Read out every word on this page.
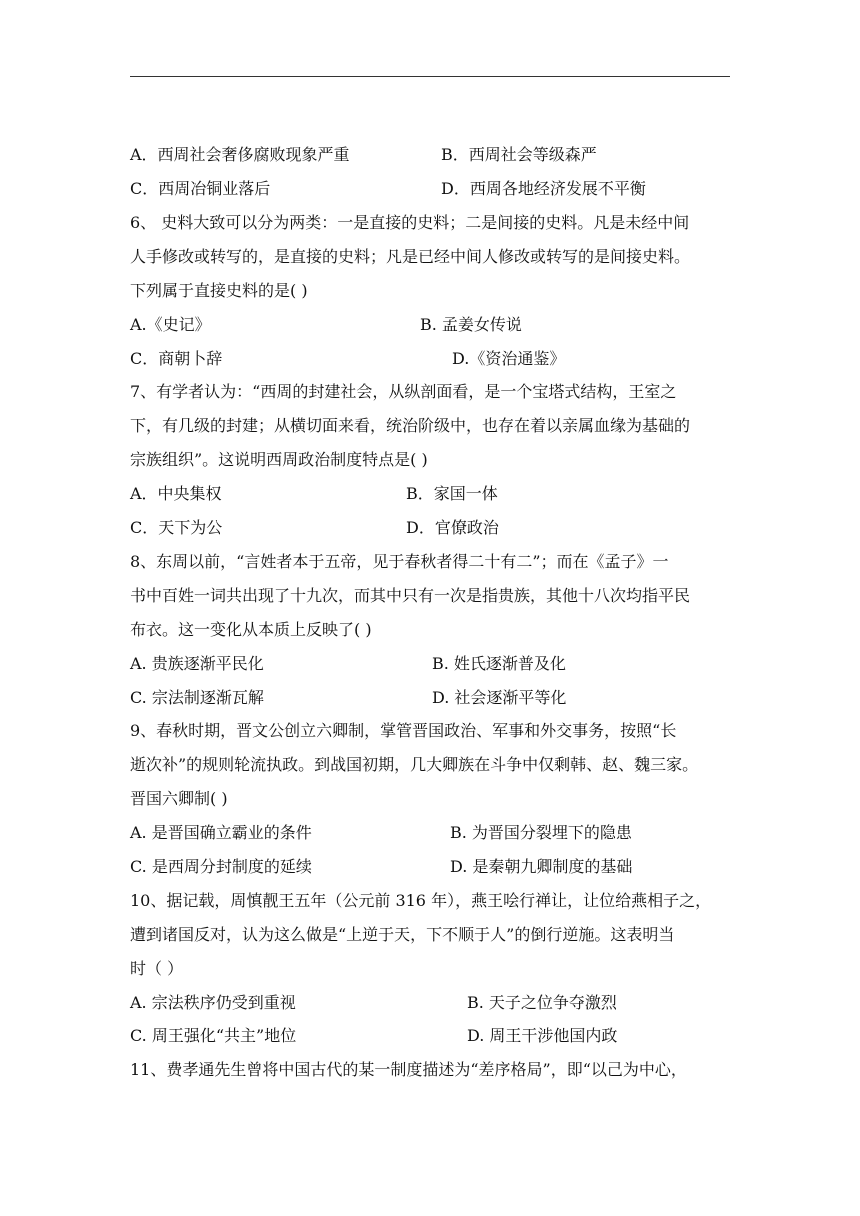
A．西周社会奢侈腐败现象严重	B．西周社会等级森严
C．西周冶铜业落后	D．西周各地经济发展不平衡
6、 史料大致可以分为两类：一是直接的史料；二是间接的史料。凡是未经中间
人手修改或转写的，是直接的史料；凡是已经中间人修改或转写的是间接史料。
下列属于直接史料的是( )
A.《史记》	B. 孟姜女传说
C．商朝卜辞	D.《资治通鉴》
7、有学者认为：“西周的封建社会，从纵剖面看，是一个宝塔式结构，王室之
下，有几级的封建；从横切面来看，统治阶级中，也存在着以亲属血缘为基础的
宗族组织”。这说明西周政治制度特点是( )
A．中央集权	B．家国一体
C．天下为公	D．官僚政治
8、东周以前，“言姓者本于五帝，见于春秋者得二十有二”；而在《孟子》一
书中百姓一词共出现了十九次，而其中只有一次是指贵族，其他十八次均指平民
布衣。这一变化从本质上反映了( )
A. 贵族逐渐平民化	B. 姓氏逐渐普及化
C. 宗法制逐渐瓦解	D. 社会逐渐平等化
9、春秋时期，晋文公创立六卿制，掌管晋国政治、军事和外交事务，按照“长
逝次补”的规则轮流执政。到战国初期，几大卿族在斗争中仅剩韩、赵、魏三家。
晋国六卿制( )
A. 是晋国确立霸业的条件	B. 为晋国分裂埋下的隐患
C. 是西周分封制度的延续	D. 是秦朝九卿制度的基础
10、据记载，周慎靓王五年（公元前 316 年），燕王哙行禅让，让位给燕相子之，
遭到诸国反对，认为这么做是“上逆于天，下不顺于人”的倒行逆施。这表明当
时（ ）
A. 宗法秩序仍受到重视	B. 天子之位争夺激烈
C. 周王强化“共主”地位	D. 周王干涉他国内政
11、费孝通先生曾将中国古代的某一制度描述为“差序格局”，即“以己为中心，
